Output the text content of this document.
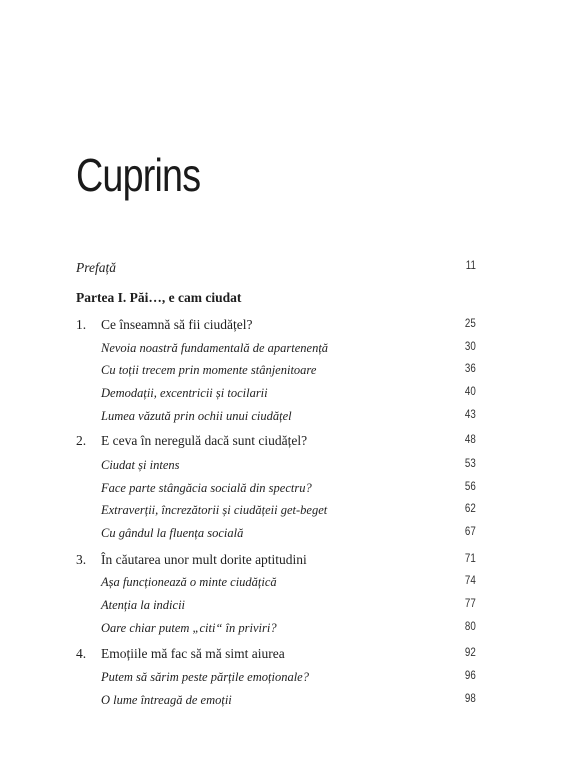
Cuprins
Prefață	11
Partea I. Păi…, e cam ciudat
1. Ce înseamnă să fii ciudățel?	25
Nevoia noastră fundamentală de apartenență	30
Cu toții trecem prin momente stânjenitoare	36
Demodații, excentricii și tocilarii	40
Lumea văzută prin ochii unui ciudățel	43
2. E ceva în neregulă dacă sunt ciudățel?	48
Ciudat și intens	53
Face parte stângăcia socială din spectru?	56
Extraverții, încrezătorii și ciudățeii get-beget	62
Cu gândul la fluența socială	67
3. În căutarea unor mult dorite aptitudini	71
Așa funcționează o minte ciudățică	74
Atenția la indicii	77
Oare chiar putem „citi“ în priviri?	80
4. Emoțiile mă fac să mă simt aiurea	92
Putem să sărim peste părțile emoționale?	96
O lume întreagă de emoții	98
